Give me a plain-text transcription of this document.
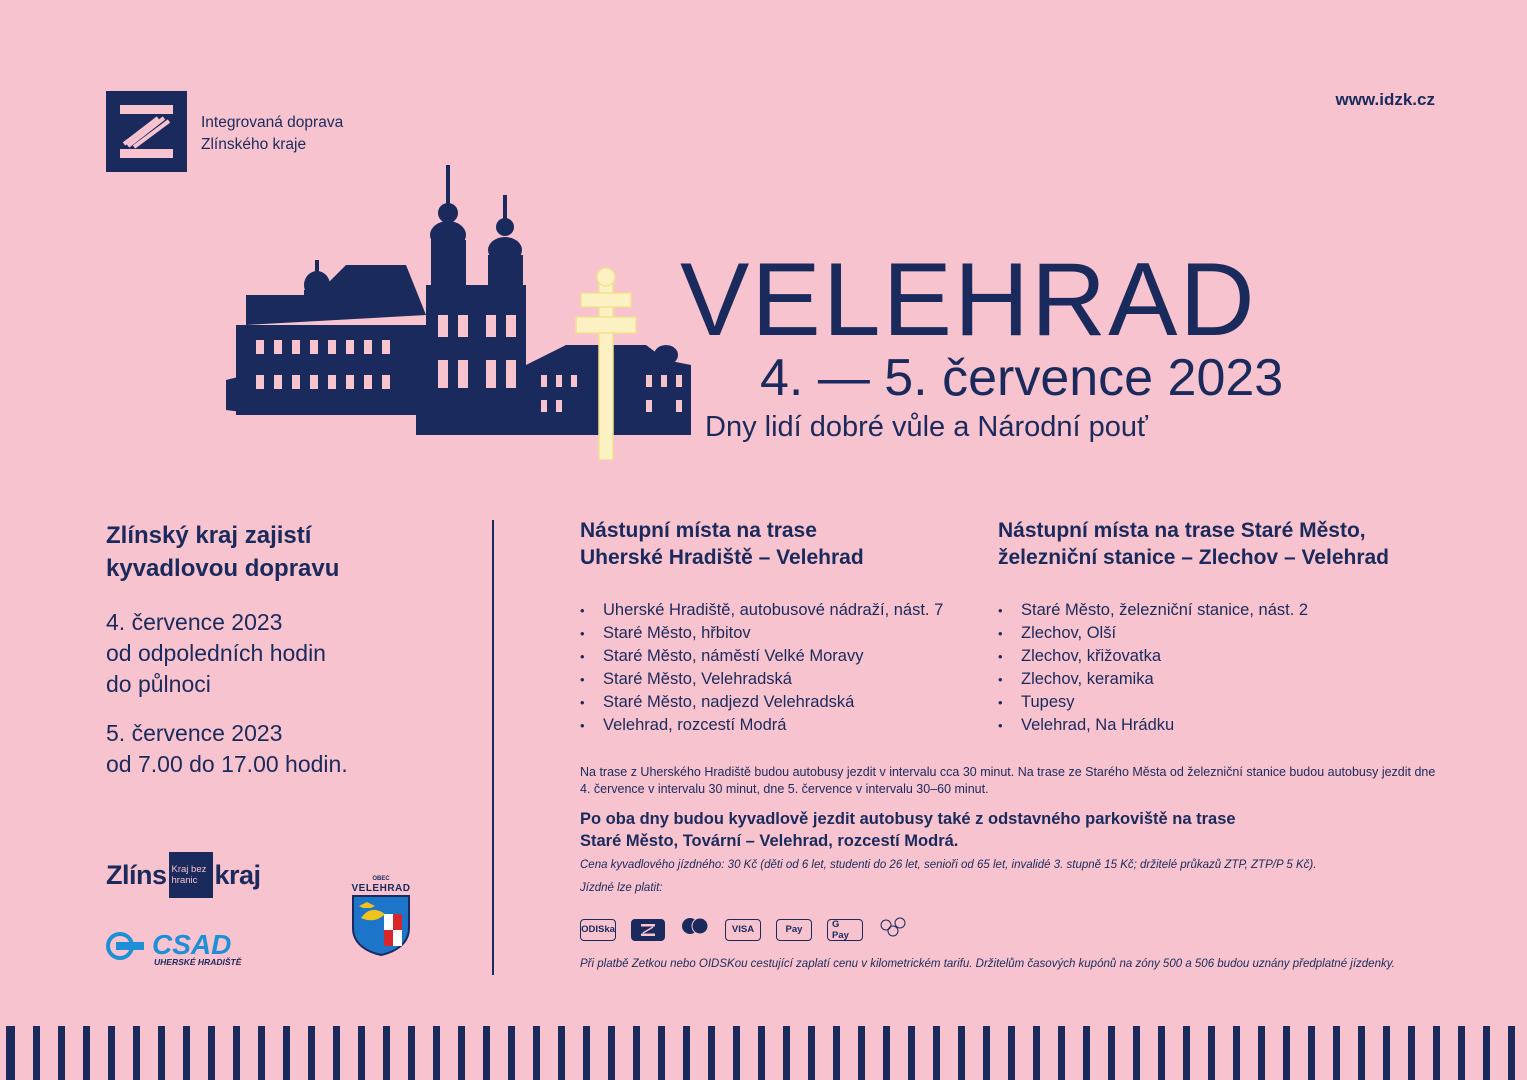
Integrovaná doprava
Zlínského kraje
www.idzk.cz
VELEHRAD
4. — 5. července 2023
Dny lidí dobré vůle a Národní pouť
Zlínský kraj zajistí
kyvadlovou dopravu

4. července 2023
od odpoledních hodin
do půlnoci

5. července 2023
od 7.00 do 17.00 hodin.

Nástupní místa na trase
Uherské Hradiště – Velehrad
• Uherské Hradiště, autobusové nádraží, nást. 7
• Staré Město, hřbitov
• Staré Město, náměstí Velké Moravy
• Staré Město, Velehradská
• Staré Město, nadjezd Velehradská
• Velehrad, rozcestí Modrá
Nástupní místa na trase Staré Město,
železniční stanice – Zlechov – Velehrad
• Staré Město, železniční stanice, nást. 2
• Zlechov, Olší
• Zlechov, křižovatka
• Zlechov, keramika
• Tupesy
• Velehrad, Na Hrádku
Na trase z Uherského Hradiště budou autobusy jezdit v intervalu cca 30 minut. Na trase ze Starého Města od železniční stanice budou autobusy jezdit dne 4. července v intervalu 30 minut, dne 5. července v intervalu 30–60 minut.
Po oba dny budou kyvadlově jezdit autobusy také z odstavného parkoviště na trase
Staré Město, Tovární – Velehrad, rozcestí Modrá.
Cena kyvadlového jízdného: 30 Kč (děti od 6 let, studenti do 26 let, senioři od 65 let, invalidé 3. stupně 15 Kč; držitelé průkazů ZTP, ZTP/P 5 Kč).
Jízdné lze platit:
ODISka	VISA	Pay	G Pay
Při platbě Zetkou nebo OIDSKou cestující zaplatí cenu v kilometrickém tarifu. Držitelům časových kupónů na zóny 500 a 506 budou uznány předplatné jízdenky.
Zlíns Kraj bez hranic kraj
CSAD
UHERSKÉ HRADIŠTĚ
OBEC
VELEHRAD
